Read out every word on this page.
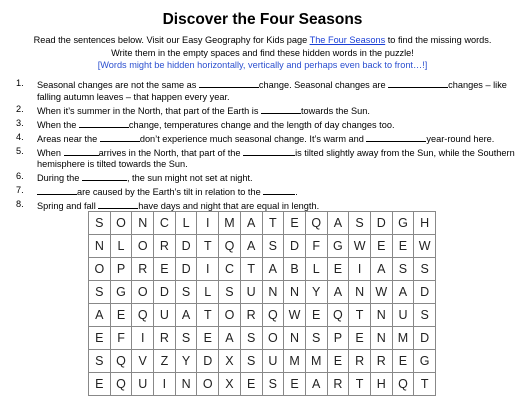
Discover the Four Seasons
Read the sentences below. Visit our Easy Geography for Kids page The Four Seasons to find the missing words.
Write them in the empty spaces and find these hidden words in the puzzle!
[Words might be hidden horizontally, vertically and perhaps even back to front…!]
1. Seasonal changes are not the same as	change. Seasonal changes are	changes – like falling autumn leaves – that happen every year.
2. When it’s summer in the North, that part of the Earth is	towards the Sun.
3. When the	change, temperatures change and the length of day changes too.
4. Areas near the	don’t experience much seasonal change. It’s warm and	year-round here.
5. When	arrives in the North, that part of the	is tilted slightly away from the Sun, while the Southern hemisphere is tilted towards the Sun.
6. During the	, the sun might not set at night.
7.	are caused by the Earth’s tilt in relation to the	.
8. Spring and fall	have days and night that are equal in length.
S	O	N	C	L	I	M	A	T	E	Q	A	S	D	G	H
N	L	O	R	D	T	Q	A	S	D	F	G	W	E	E	W
O	P	R	E	D	I	C	T	A	B	L	E	I	A	S	S
S	G	O	D	S	L	S	U	N	N	Y	A	N	W	A	D
A	E	Q	U	A	T	O	R	Q	W	E	Q	T	N	U	S
E	F	I	R	S	E	A	S	O	N	S	P	E	N	M	D
S	Q	V	Z	Y	D	X	S	U	M	M	E	R	R	E	G
E	Q	U	I	N	O	X	E	S	E	A	R	T	H	Q	T
